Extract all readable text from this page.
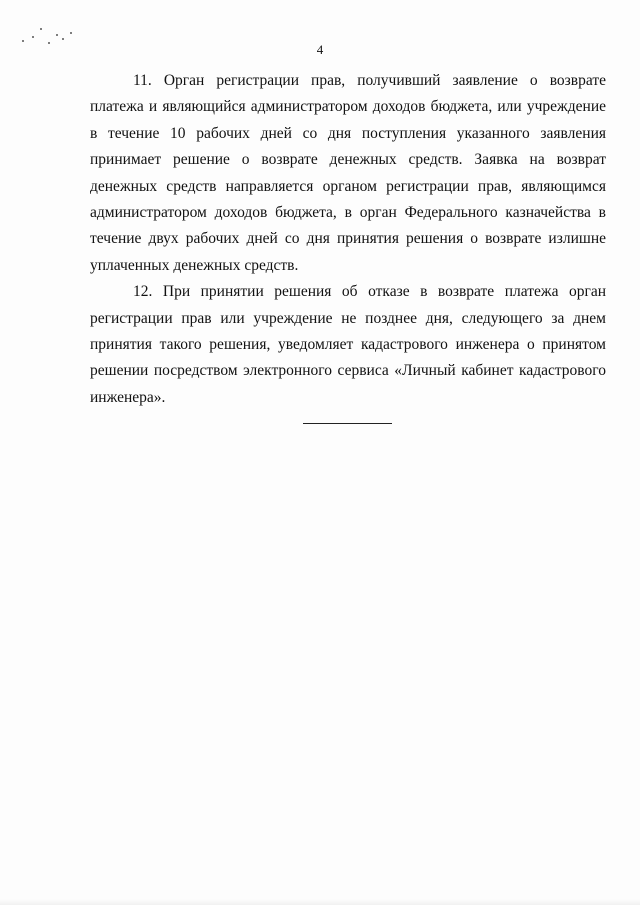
4

11. Орган регистрации прав, получивший заявление о возврате платежа и являющийся администратором доходов бюджета, или учреждение в течение 10 рабочих дней со дня поступления указанного заявления принимает решение о возврате денежных средств. Заявка на возврат денежных средств направляется органом регистрации прав, являющимся администратором доходов бюджета, в орган Федерального казначейства в течение двух рабочих дней со дня принятия решения о возврате излишне уплаченных денежных средств.

12. При принятии решения об отказе в возврате платежа орган регистрации прав или учреждение не позднее дня, следующего за днем принятия такого решения, уведомляет кадастрового инженера о принятом решении посредством электронного сервиса «Личный кабинет кадастрового инженера».
